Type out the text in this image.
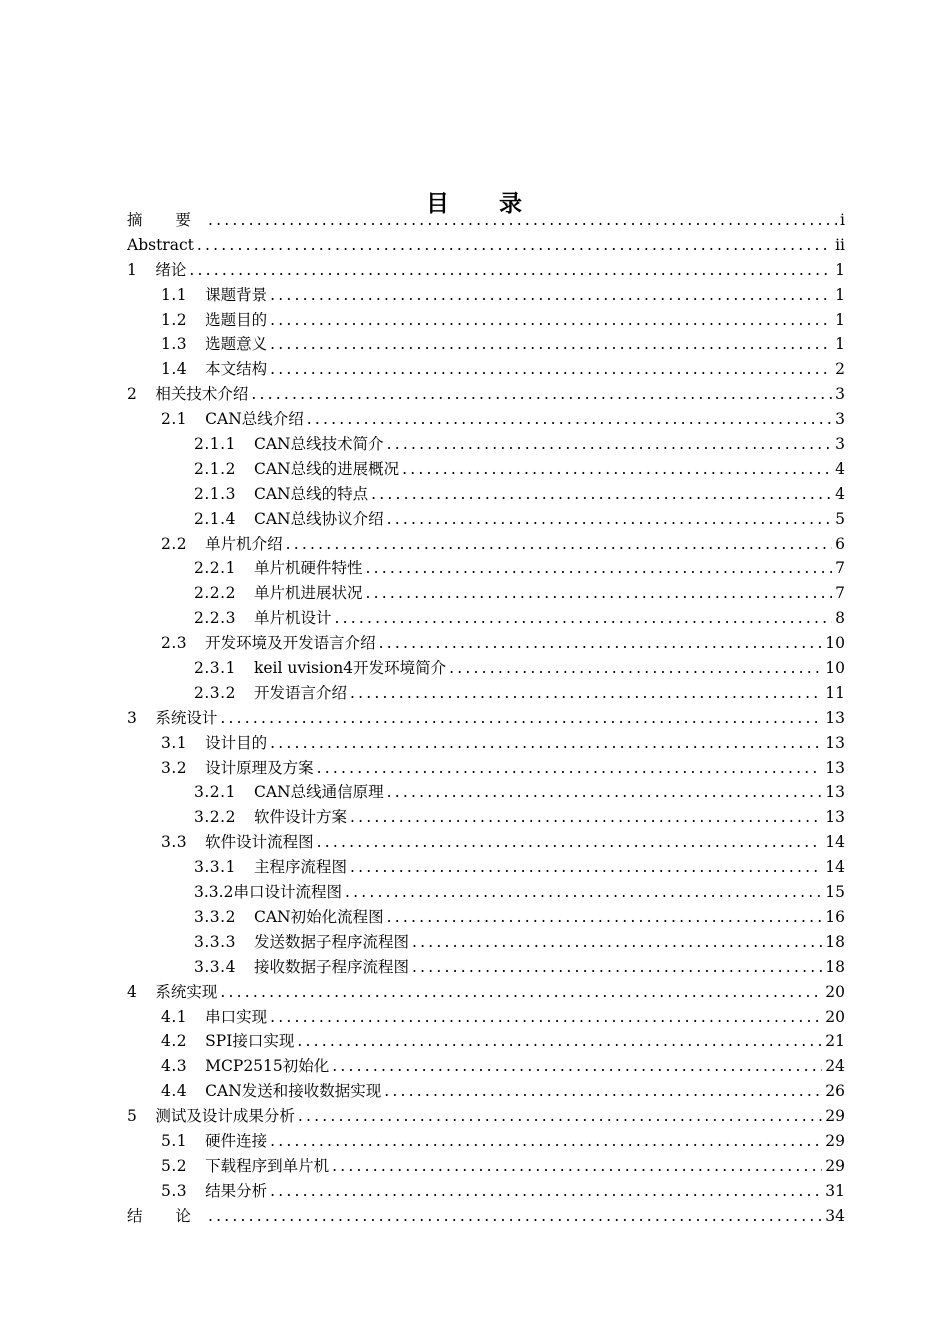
目 录
摘 要 .....	i
Abstract .....	ii
1 绪论 .....	1
1.1 课题背景 .....	1
1.2 选题目的 .....	1
1.3 选题意义 .....	1
1.4 本文结构 .....	2
2 相关技术介绍 .....	3
2.1 CAN总线介绍 .....	3
2.1.1 CAN总线技术简介 .....	3
2.1.2 CAN总线的进展概况 .....	4
2.1.3 CAN总线的特点 .....	4
2.1.4 CAN总线协议介绍 .....	5
2.2 单片机介绍 .....	6
2.2.1 单片机硬件特性 .....	7
2.2.2 单片机进展状况 .....	7
2.2.3 单片机设计 .....	8
2.3 开发环境及开发语言介绍 .....	10
2.3.1 keil uvision4开发环境简介 .....	10
2.3.2 开发语言介绍 .....	11
3 系统设计 .....	13
3.1 设计目的 .....	13
3.2 设计原理及方案 .....	13
3.2.1 CAN总线通信原理 .....	13
3.2.2 软件设计方案 .....	13
3.3 软件设计流程图 .....	14
3.3.1 主程序流程图 .....	14
3.3.2串口设计流程图 .....	15
3.3.2 CAN初始化流程图 .....	16
3.3.3 发送数据子程序流程图 .....	18
3.3.4 接收数据子程序流程图 .....	18
4 系统实现 .....	20
4.1 串口实现 .....	20
4.2 SPI接口实现 .....	21
4.3 MCP2515初始化 .....	24
4.4 CAN发送和接收数据实现 .....	26
5 测试及设计成果分析 .....	29
5.1 硬件连接 .....	29
5.2 下载程序到单片机 .....	29
5.3 结果分析 .....	31
结 论 .....	34
